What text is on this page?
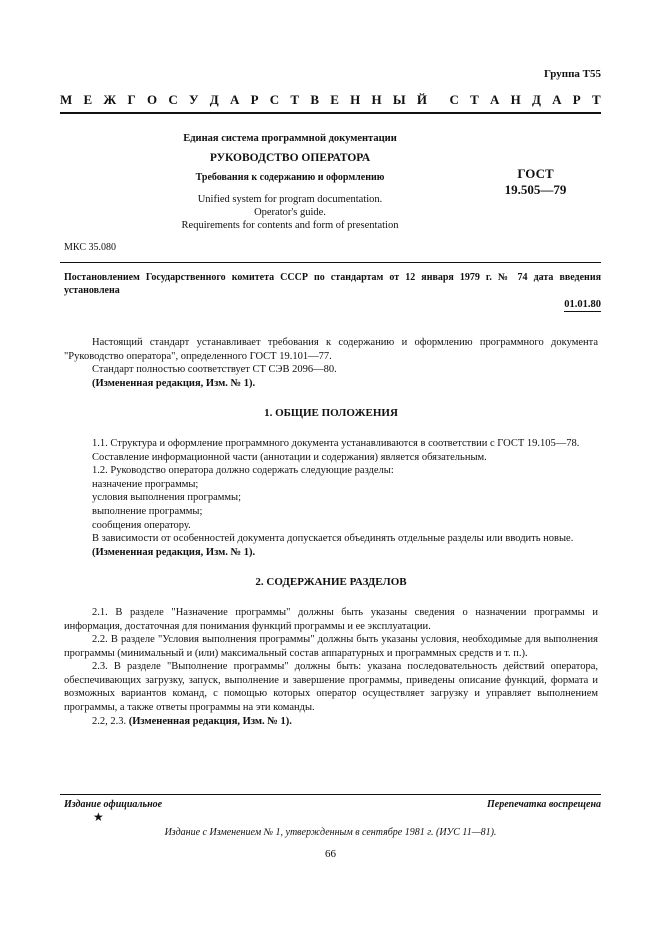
Группа Т55
М Е Ж Г О С У Д А Р С Т В Е Н Н Ы Й С Т А Н Д А Р Т
Единая система программной документации
РУКОВОДСТВО ОПЕРАТОРА
Требования к содержанию и оформлению
Unified system for program documentation.
Operator's guide.
Requirements for contents and form of presentation
ГОСТ
19.505—79
МКС 35.080
Постановлением Государственного комитета СССР по стандартам от 12 января 1979 г. № 74 дата введения установлена
01.01.80

Настоящий стандарт устанавливает требования к содержанию и оформлению программного документа "Руководство оператора", определенного ГОСТ 19.101—77.

Стандарт полностью соответствует СТ СЭВ 2096—80.

(Измененная редакция, Изм. № 1).

1. ОБЩИЕ ПОЛОЖЕНИЯ

1.1. Структура и оформление программного документа устанавливаются в соответствии с ГОСТ 19.105—78.

Составление информационной части (аннотации и содержания) является обязательным.

1.2. Руководство оператора должно содержать следующие разделы:

назначение программы;

условия выполнения программы;

выполнение программы;

сообщения оператору.

В зависимости от особенностей документа допускается объединять отдельные разделы или вводить новые.

(Измененная редакция, Изм. № 1).

2. СОДЕРЖАНИЕ РАЗДЕЛОВ

2.1. В разделе "Назначение программы" должны быть указаны сведения о назначении программы и информация, достаточная для понимания функций программы и ее эксплуатации.

2.2. В разделе "Условия выполнения программы" должны быть указаны условия, необходимые для выполнения программы (минимальный и (или) максимальный состав аппаратурных и программных средств и т. п.).

2.3. В разделе "Выполнение программы" должны быть: указана последовательность действий оператора, обеспечивающих загрузку, запуск, выполнение и завершение программы, приведены описание функций, формата и возможных вариантов команд, с помощью которых оператор осуществляет загрузку и управляет выполнением программы, а также ответы программы на эти команды.

2.2, 2.3. (Измененная редакция, Изм. № 1).

Издание официальное	Перепечатка воспрещена
★
Издание с Изменением № 1, утвержденным в сентябре 1981 г. (ИУС 11—81).
66
